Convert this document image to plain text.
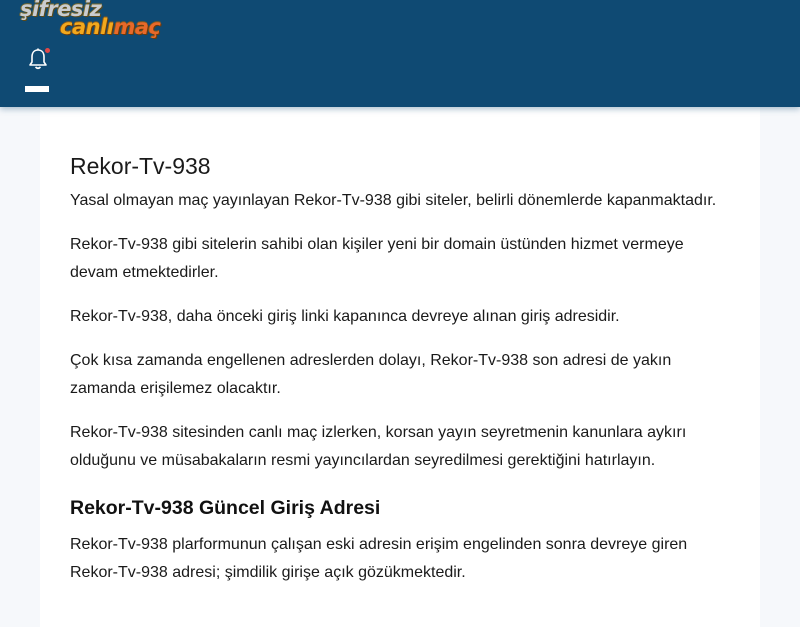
şifresiz
canlımaç
Rekor-Tv-938

Yasal olmayan maç yayınlayan Rekor-Tv-938 gibi siteler, belirli dönemlerde kapanmaktadır.

Rekor-Tv-938 gibi sitelerin sahibi olan kişiler yeni bir domain üstünden hizmet vermeye devam etmektedirler.

Rekor-Tv-938, daha önceki giriş linki kapanınca devreye alınan giriş adresidir.

Çok kısa zamanda engellenen adreslerden dolayı, Rekor-Tv-938 son adresi de yakın zamanda erişilemez olacaktır.

Rekor-Tv-938 sitesinden canlı maç izlerken, korsan yayın seyretmenin kanunlara aykırı olduğunu ve müsabakaların resmi yayıncılardan seyredilmesi gerektiğini hatırlayın.

Rekor-Tv-938 Güncel Giriş Adresi

Rekor-Tv-938 plarformunun çalışan eski adresin erişim engelinden sonra devreye giren Rekor-Tv-938 adresi; şimdilik girişe açık gözükmektedir.
